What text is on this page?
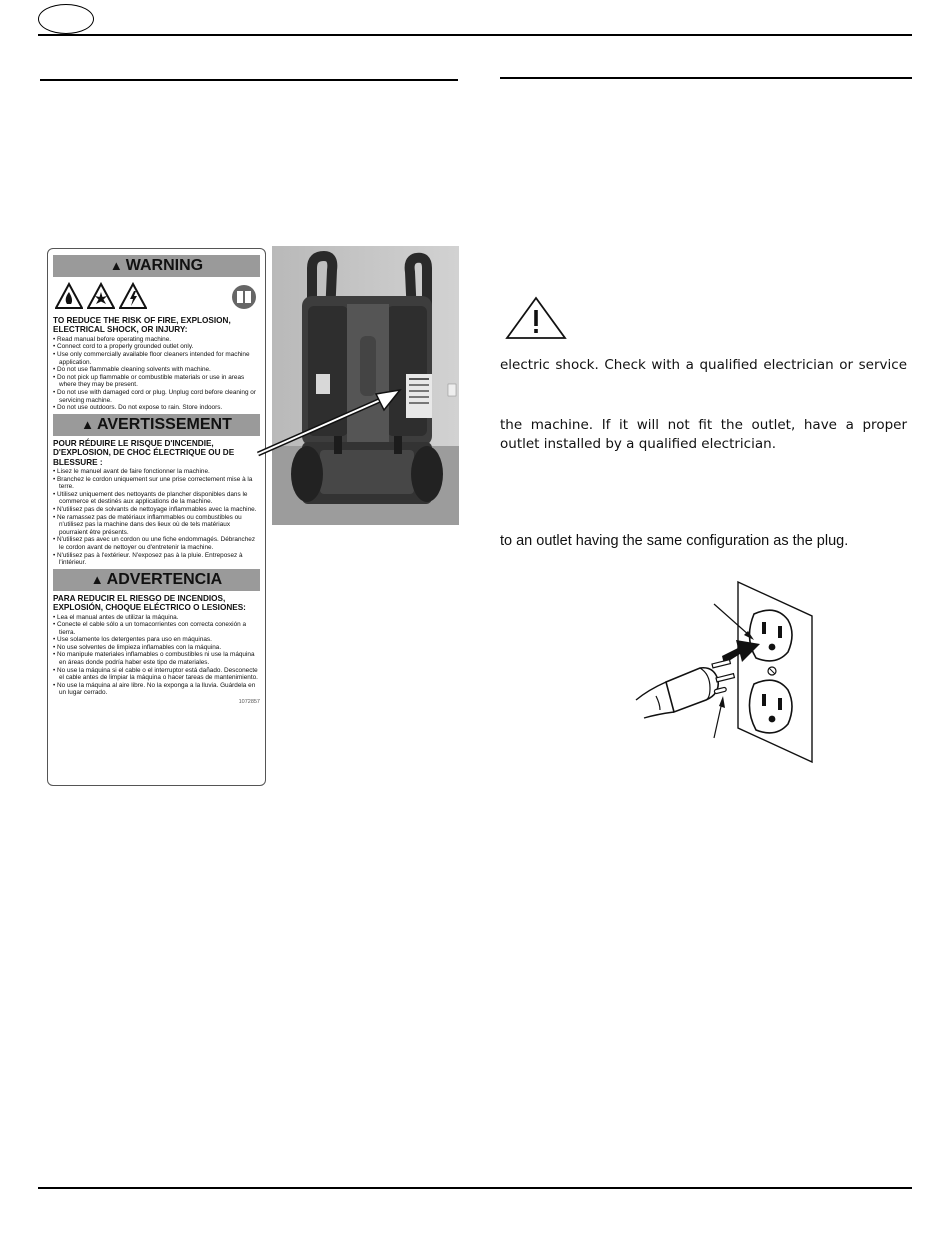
▲ WARNING
TO REDUCE THE RISK OF FIRE, EXPLOSION, ELECTRICAL SHOCK, OR INJURY:
• Read manual before operating machine.
• Connect cord to a properly grounded outlet only.
• Use only commercially available floor cleaners intended for machine application.
• Do not use flammable cleaning solvents with machine.
• Do not pick up flammable or combustible materials or use in areas where they may be present.
• Do not use with damaged cord or plug. Unplug cord before cleaning or servicing machine.
• Do not use outdoors. Do not expose to rain. Store indoors.
▲ AVERTISSEMENT
POUR RÉDUIRE LE RISQUE D'INCENDIE, D'EXPLOSION, DE CHOC ÉLECTRIQUE OU DE BLESSURE :
• Lisez le manuel avant de faire fonctionner la machine.
• Branchez le cordon uniquement sur une prise correctement mise à la terre.
• Utilisez uniquement des nettoyants de plancher disponibles dans le commerce et destinés aux applications de la machine.
• N'utilisez pas de solvants de nettoyage inflammables avec la machine.
• Ne ramassez pas de matériaux inflammables ou combustibles ou n'utilisez pas la machine dans des lieux où de tels matériaux pourraient être présents.
• N'utilisez pas avec un cordon ou une fiche endommagés. Débranchez le cordon avant de nettoyer ou d'entretenir la machine.
• N'utilisez pas à l'extérieur. N'exposez pas à la pluie. Entreposez à l'intérieur.
▲ ADVERTENCIA
PARA REDUCIR EL RIESGO DE INCENDIOS, EXPLOSIÓN, CHOQUE ELÉCTRICO O LESIONES:
• Lea el manual antes de utilizar la máquina.
• Conecte el cable sólo a un tomacorrientes con correcta conexión a tierra.
• Use solamente los detergentes para uso en máquinas.
• No use solventes de limpieza inflamables con la máquina.
• No manipule materiales inflamables o combustibles ni use la máquina en áreas donde podría haber este tipo de materiales.
• No use la máquina si el cable o el interruptor está dañado. Desconecte el cable antes de limpiar la máquina o hacer tareas de mantenimiento.
• No use la máquina al aire libre. No la exponga a la lluvia. Guárdela en un lugar cerrado.
1072857
electric shock. Check with a qualified electrician or service
the machine. If it will not fit the outlet, have a proper
outlet installed by a qualified electrician.
to an outlet having the same configuration as the plug.
